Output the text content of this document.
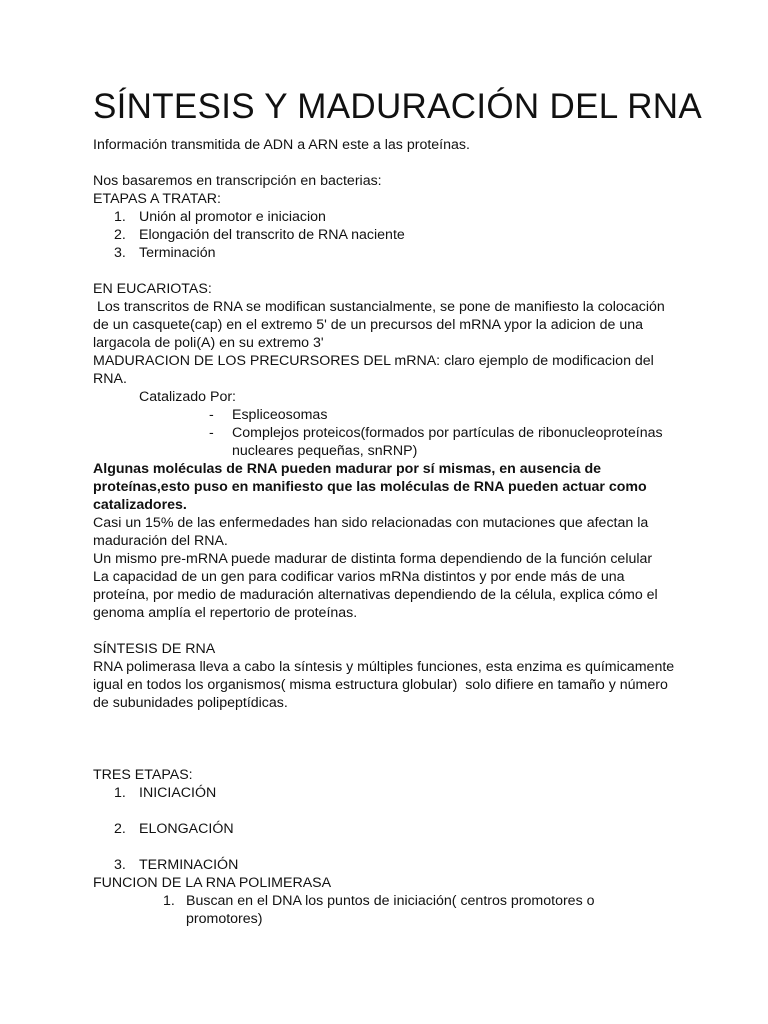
SÍNTESIS Y MADURACIÓN DEL RNA

Información transmitida de ADN a ARN este a las proteínas.

Nos basaremos en transcripción en bacterias:

ETAPAS A TRATAR:

1. Unión al promotor e iniciacion
2. Elongación del transcrito de RNA naciente
3. Terminación

EN EUCARIOTAS:

Los transcritos de RNA se modifican sustancialmente, se pone de manifiesto la colocación

de un casquete(cap) en el extremo 5' de un precursos del mRNA ypor la adicion de una

largacola de poli(A) en su extremo 3'

MADURACION DE LOS PRECURSORES DEL mRNA: claro ejemplo de modificacion del

RNA.

Catalizado Por:

- Espliceosomas
- Complejos proteicos(formados por partículas de ribonucleoproteínas
nucleares pequeñas, snRNP)

Algunas moléculas de RNA pueden madurar por sí mismas, en ausencia de

proteínas,esto puso en manifiesto que las moléculas de RNA pueden actuar como

catalizadores.

Casi un 15% de las enfermedades han sido relacionadas con mutaciones que afectan la

maduración del RNA.

Un mismo pre-mRNA puede madurar de distinta forma dependiendo de la función celular

La capacidad de un gen para codificar varios mRNa distintos y por ende más de una

proteína, por medio de maduración alternativas dependiendo de la célula, explica cómo el

genoma amplía el repertorio de proteínas.

SÍNTESIS DE RNA

RNA polimerasa lleva a cabo la síntesis y múltiples funciones, esta enzima es químicamente

igual en todos los organismos( misma estructura globular)  solo difiere en tamaño y número

de subunidades polipeptídicas.

TRES ETAPAS:

1. INICIACIÓN
2. ELONGACIÓN
3. TERMINACIÓN

FUNCION DE LA RNA POLIMERASA

1. Buscan en el DNA los puntos de iniciación( centros promotores o
promotores)
